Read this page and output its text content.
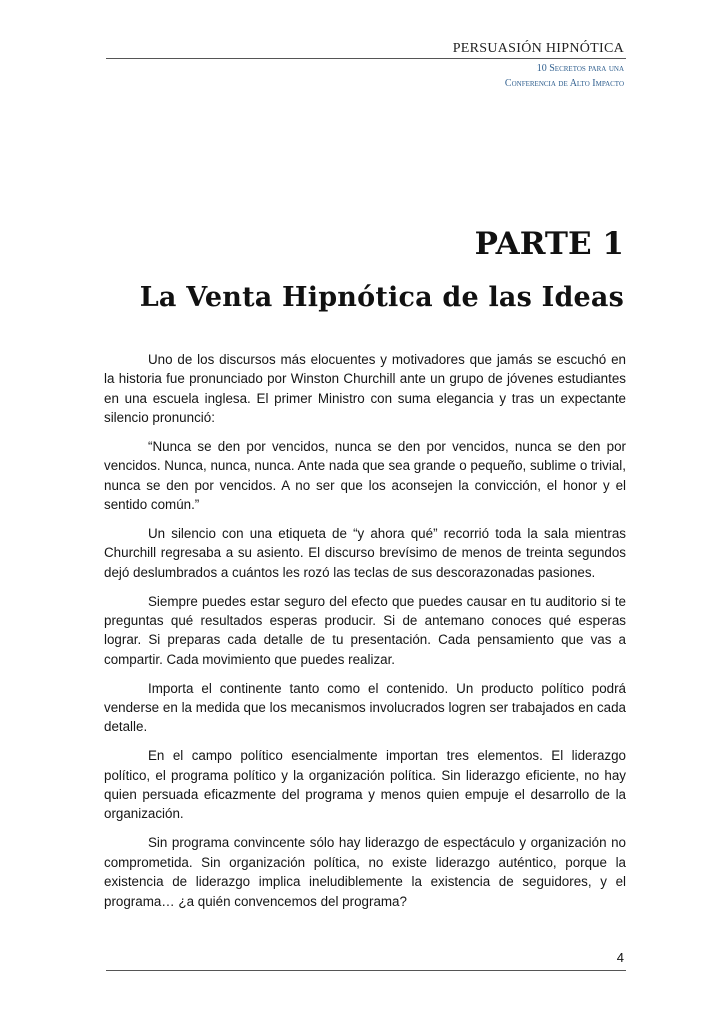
PERSUASIÓN HIPNÓTICA
10 Secretos para una
Conferencia de Alto Impacto
PARTE 1
La Venta Hipnótica de las Ideas

Uno de los discursos más elocuentes y motivadores que jamás se escuchó en la historia fue pronunciado por Winston Churchill ante un grupo de jóvenes estudiantes en una escuela inglesa. El primer Ministro con suma elegancia y tras un expectante silencio pronunció:

“Nunca se den por vencidos, nunca se den por vencidos, nunca se den por vencidos. Nunca, nunca, nunca. Ante nada que sea grande o pequeño, sublime o trivial, nunca se den por vencidos. A no ser que los aconsejen la convicción, el honor y el sentido común.”

Un silencio con una etiqueta de “y ahora qué” recorrió toda la sala mientras Churchill regresaba a su asiento. El discurso brevísimo de menos de treinta segundos dejó deslumbrados a cuántos les rozó las teclas de sus descorazonadas pasiones.

Siempre puedes estar seguro del efecto que puedes causar en tu auditorio si te preguntas qué resultados esperas producir. Si de antemano conoces qué esperas lograr. Si preparas cada detalle de tu presentación. Cada pensamiento que vas a compartir. Cada movimiento que puedes realizar.

Importa el continente tanto como el contenido. Un producto político podrá venderse en la medida que los mecanismos involucrados logren ser trabajados en cada detalle.

En el campo político esencialmente importan tres elementos. El liderazgo político, el programa político y la organización política. Sin liderazgo eficiente, no hay quien persuada eficazmente del programa y menos quien empuje el desarrollo de la organización.

Sin programa convincente sólo hay liderazgo de espectáculo y organización no comprometida. Sin organización política, no existe liderazgo auténtico, porque la existencia de liderazgo implica ineludiblemente la existencia de seguidores, y el programa… ¿a quién convencemos del programa?

4
